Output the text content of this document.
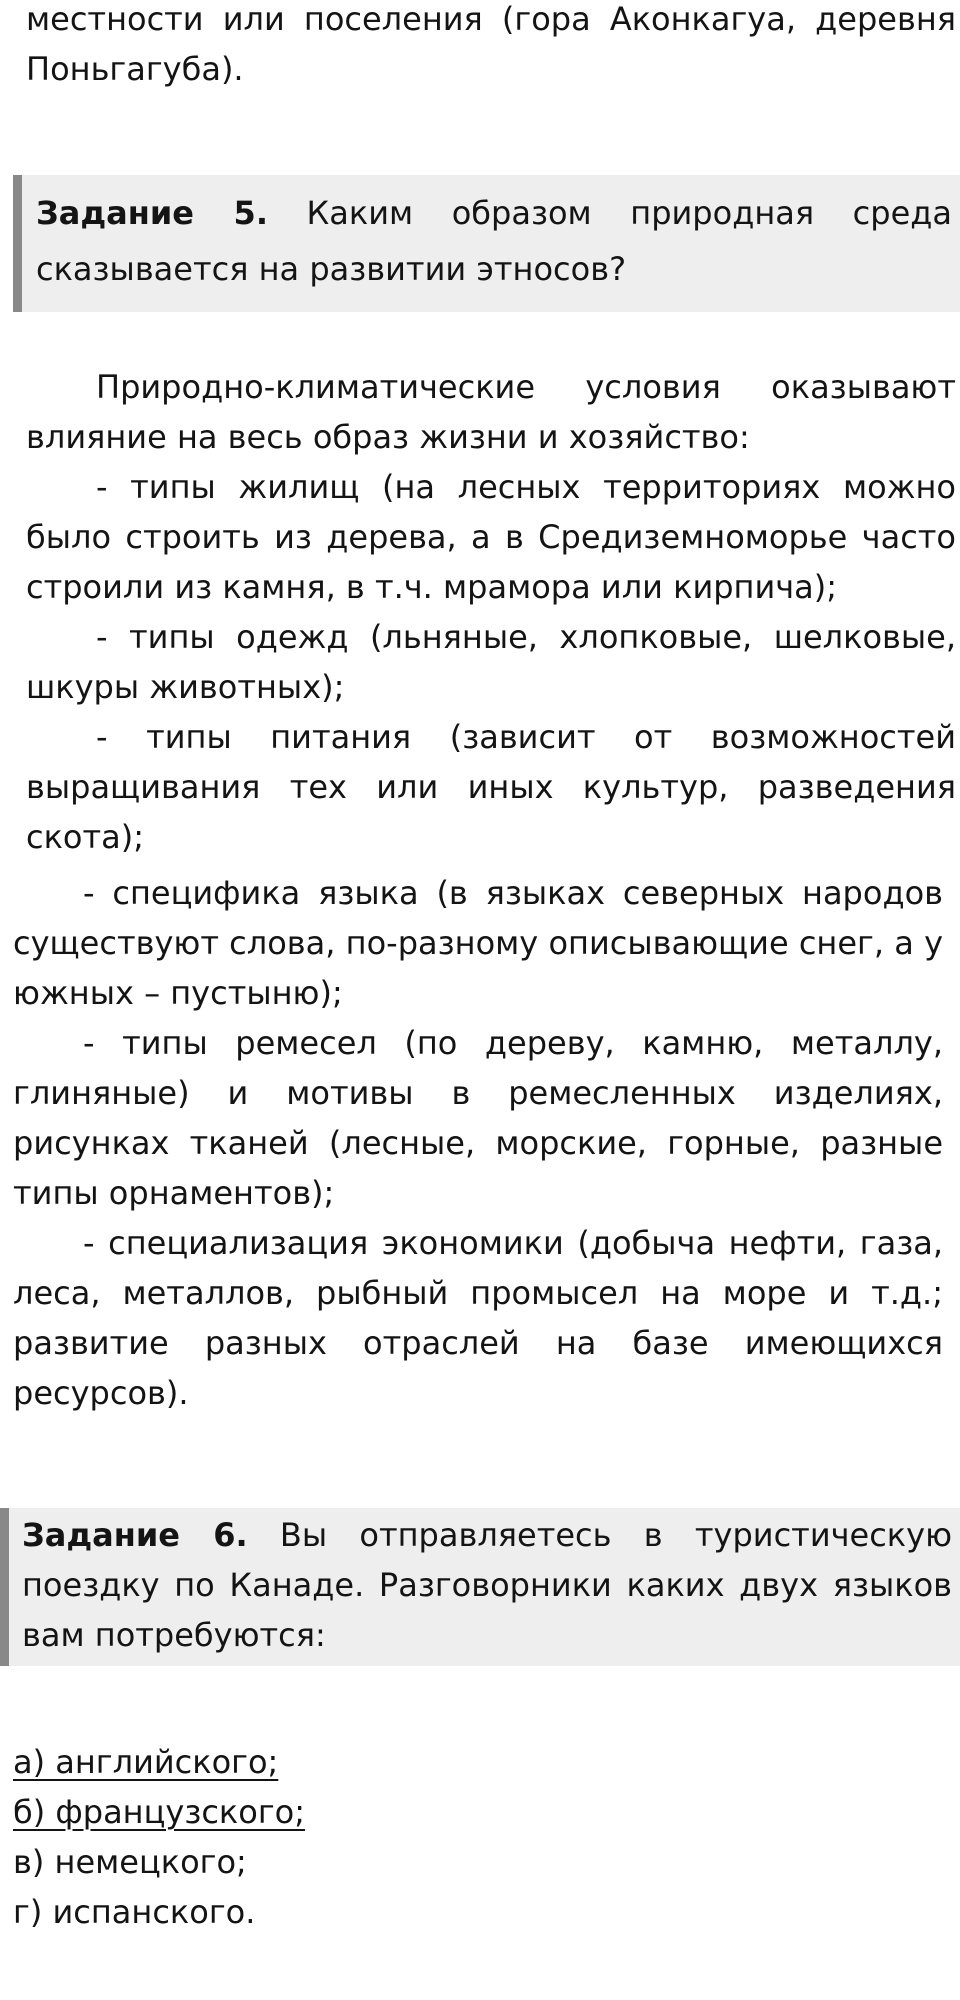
местности или поселения (гора Аконкагуа, деревня Поньгагуба).

Задание 5. Каким образом природная среда сказывается на развитии этносов?

Природно-климатические условия оказывают влияние на весь образ жизни и хозяйство:

- типы жилищ (на лесных территориях можно было строить из дерева, а в Средиземноморье часто строили из камня, в т.ч. мрамора или кирпича);

- типы одежд (льняные, хлопковые, шелковые, шкуры животных);

- типы питания (зависит от возможностей выращивания тех или иных культур, разведения скота);

- специфика языка (в языках северных народов существуют слова, по-разному описывающие снег, а у южных – пустыню);

- типы ремесел (по дереву, камню, металлу, глиняные) и мотивы в ремесленных изделиях, рисунках тканей (лесные, морские, горные, разные типы орнаментов);

- специализация экономики (добыча нефти, газа, леса, металлов, рыбный промысел на море и т.д.; развитие разных отраслей на базе имеющихся ресурсов).

Задание 6. Вы отправляетесь в туристическую поездку по Канаде. Разговорники каких двух языков вам потребуются:

а) английского;

б) французского;

в) немецкого;

г) испанского.
